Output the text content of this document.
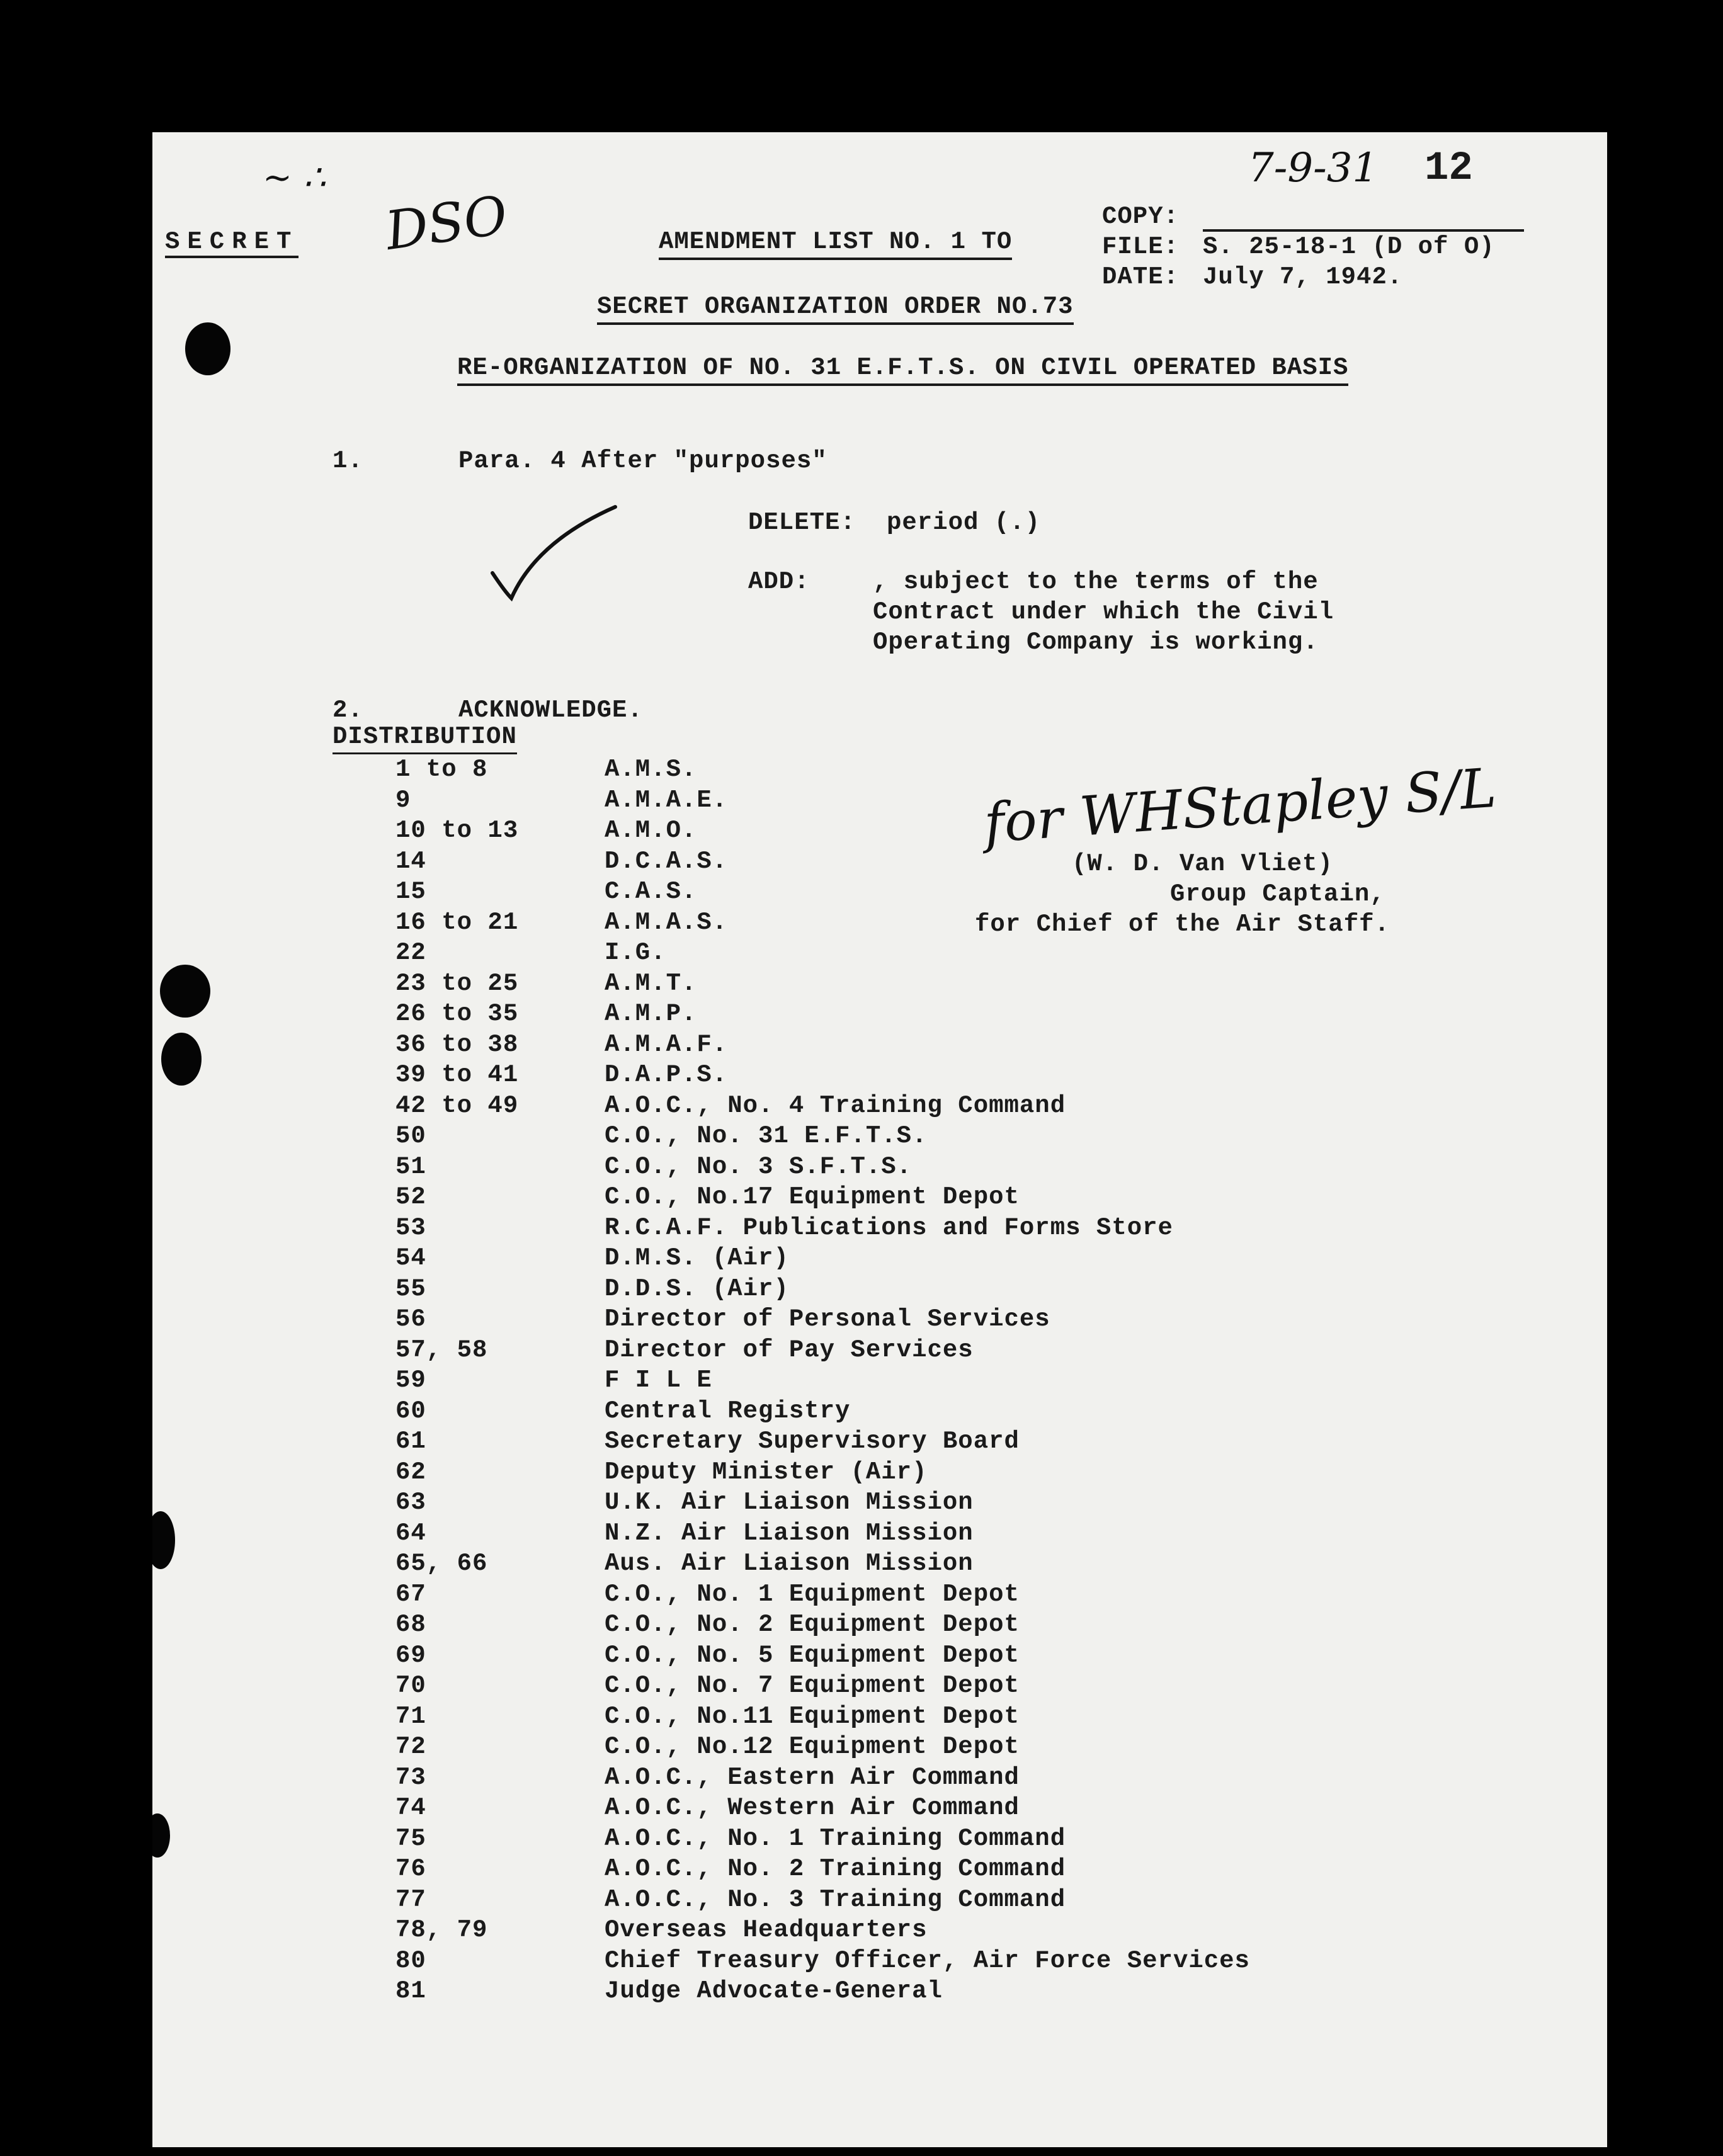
7-9-31 12
DSO
~ ∴
SECRET	AMENDMENT LIST NO. 1 TO
COPY:
FILE: S. 25-18-1 (D of O)
DATE: July 7, 1942.
SECRET ORGANIZATION ORDER NO.73
RE-ORGANIZATION OF NO. 31 E.F.T.S. ON CIVIL OPERATED BASIS
1.	Para. 4 After "purposes"
DELETE: period (.)
ADD:	, subject to the terms of the
Contract under which the Civil
Operating Company is working.
2.	ACKNOWLEDGE.
DISTRIBUTION
1 to 8	A.M.S.
9	A.M.A.E.
10 to 13	A.M.O.
14	D.C.A.S.
15	C.A.S.
16 to 21	A.M.A.S.
22	I.G.
23 to 25	A.M.T.
26 to 35	A.M.P.
36 to 38	A.M.A.F.
39 to 41	D.A.P.S.
42 to 49	A.O.C., No. 4 Training Command
50	C.O., No. 31 E.F.T.S.
51	C.O., No. 3 S.F.T.S.
52	C.O., No.17 Equipment Depot
53	R.C.A.F. Publications and Forms Store
54	D.M.S. (Air)
55	D.D.S. (Air)
56	Director of Personal Services
57, 58	Director of Pay Services
59	F I L E
60	Central Registry
61	Secretary Supervisory Board
62	Deputy Minister (Air)
63	U.K. Air Liaison Mission
64	N.Z. Air Liaison Mission
65, 66	Aus. Air Liaison Mission
67	C.O., No. 1 Equipment Depot
68	C.O., No. 2 Equipment Depot
69	C.O., No. 5 Equipment Depot
70	C.O., No. 7 Equipment Depot
71	C.O., No.11 Equipment Depot
72	C.O., No.12 Equipment Depot
73	A.O.C., Eastern Air Command
74	A.O.C., Western Air Command
75	A.O.C., No. 1 Training Command
76	A.O.C., No. 2 Training Command
77	A.O.C., No. 3 Training Command
78, 79	Overseas Headquarters
80	Chief Treasury Officer, Air Force Services
81	Judge Advocate-General
for WHStapley S/L
(W. D. Van Vliet)
Group Captain,
for Chief of the Air Staff.
